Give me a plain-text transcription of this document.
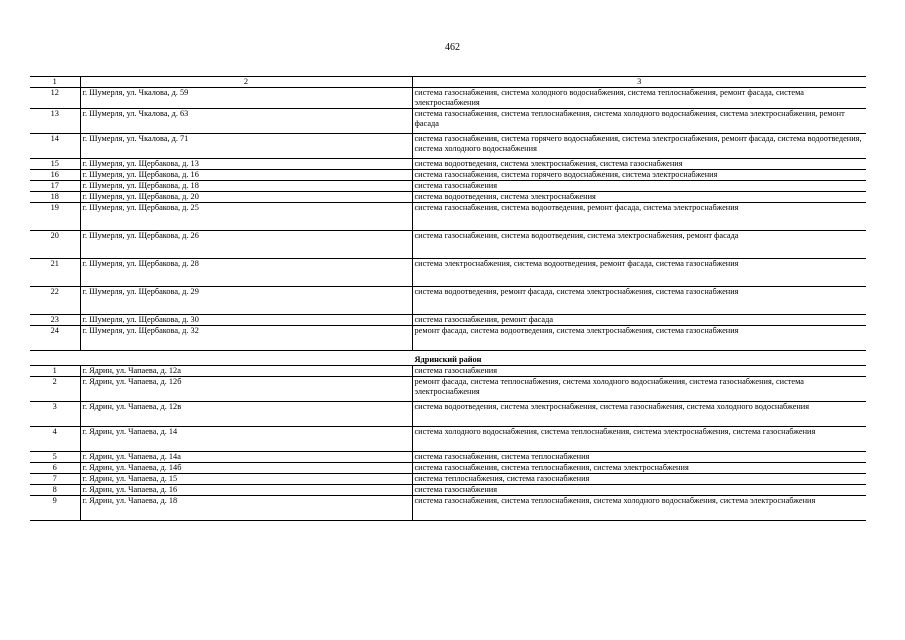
462
1	2	3
12	г. Шумерля, ул. Чкалова, д. 59	система газоснабжения, система холодного водоснабжения, система теплоснабжения, ремонт фасада, система электроснабжения
13	г. Шумерля, ул. Чкалова, д. 63	система газоснабжения, система теплоснабжения, система холодного водоснабжения, система электроснабжения, ремонт фасада
14	г. Шумерля, ул. Чкалова, д. 71	система газоснабжения, система горячего водоснабжения, система электроснабжения, ремонт фасада, система водоотведения, система холодного водоснабжения
15	г. Шумерля, ул. Щербакова, д. 13	система водоотведения, система электроснабжения, система газоснабжения
16	г. Шумерля, ул. Щербакова, д. 16	система газоснабжения, система горячего водоснабжения, система электроснабжения
17	г. Шумерля, ул. Щербакова, д. 18	система газоснабжения
18	г. Шумерля, ул. Щербакова, д. 20	система водоотведения, система электроснабжения
19	г. Шумерля, ул. Щербакова, д. 25	система газоснабжения, система водоотведения, ремонт фасада, система электроснабжения
20	г. Шумерля, ул. Щербакова, д. 26	система газоснабжения, система водоотведения, система электроснабжения, ремонт фасада
21	г. Шумерля, ул. Щербакова, д. 28	система электроснабжения, система водоотведения, ремонт фасада, система газоснабжения
22	г. Шумерля, ул. Щербакова, д. 29	система водоотведения, ремонт фасада, система электроснабжения, система газоснабжения
23	г. Шумерля, ул. Щербакова, д. 30	система газоснабжения, ремонт фасада
24	г. Шумерля, ул. Щербакова, д. 32	ремонт фасада, система водоотведения, система электроснабжения, система газоснабжения
Ядринский район		
1	г. Ядрин, ул. Чапаева, д. 12а	система газоснабжения
2	г. Ядрин, ул. Чапаева, д. 12б	ремонт фасада, система теплоснабжения, система холодного водоснабжения, система газоснабжения, система электроснабжения
3	г. Ядрин, ул. Чапаева, д. 12в	система водоотведения, система электроснабжения, система газоснабжения, система холодного водоснабжения
4	г. Ядрин, ул. Чапаева, д. 14	система холодного водоснабжения, система теплоснабжения, система электроснабжения, система газоснабжения
5	г. Ядрин, ул. Чапаева, д. 14а	система газоснабжения, система теплоснабжения
6	г. Ядрин, ул. Чапаева, д. 14б	система газоснабжения, система теплоснабжения, система электроснабжения
7	г. Ядрин, ул. Чапаева, д. 15	система теплоснабжения, система газоснабжения
8	г. Ядрин, ул. Чапаева, д. 16	система газоснабжения
9	г. Ядрин, ул. Чапаева, д. 18	система газоснабжения, система теплоснабжения, система холодного водоснабжения, система электроснабжения
